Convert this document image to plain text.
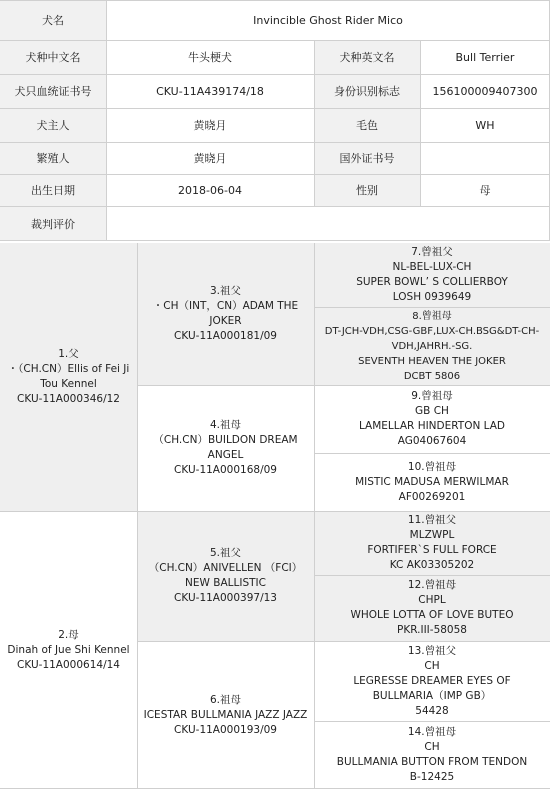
犬名	Invincible Ghost Rider Mico
犬种中文名	牛头梗犬	犬种英文名	Bull Terrier
犬只血统证书号	CKU-11A439174/18	身份识别标志	156100009407300
犬主人	黄晓月	毛色	WH
繁殖人	黄晓月	国外证书号
出生日期	2018-06-04	性别	母
裁判评价
1.父
・（CH.CN）Ellis of Fei Ji
Tou Kennel
CKU-11A000346/12
2.母
Dinah of Jue Shi Kennel
CKU-11A000614/14
3.祖父
・CH（INT，CN）ADAM THE
JOKER
CKU-11A000181/09
4.祖母
（CH.CN）BUILDON DREAM
ANGEL
CKU-11A000168/09
5.祖父
（CH.CN）ANIVELLEN （FCI）
NEW BALLISTIC
CKU-11A000397/13
6.祖母
ICESTAR BULLMANIA JAZZ JAZZ
CKU-11A000193/09
7.曾祖父
NL-BEL-LUX-CH
SUPER BOWL’ S COLLIERBOY
LOSH 0939649
8.曾祖母
DT-JCH-VDH,CSG-GBF,LUX-CH.BSG&DT-CH-
VDH,JAHRH.-SG.
SEVENTH HEAVEN THE JOKER
DCBT 5806
9.曾祖母
GB CH
LAMELLAR HINDERTON LAD
AG04067604
10.曾祖母
MISTIC MADUSA MERWILMAR
AF00269201
11.曾祖父
MLZWPL
FORTIFER`S FULL FORCE
KC AK03305202
12.曾祖母
CHPL
WHOLE LOTTA OF LOVE BUTEO
PKR.III-58058
13.曾祖父
CH
LEGRESSE DREAMER EYES OF
BULLMARIA（IMP GB）
54428
14.曾祖母
CH
BULLMANIA BUTTON FROM TENDON
B-12425
